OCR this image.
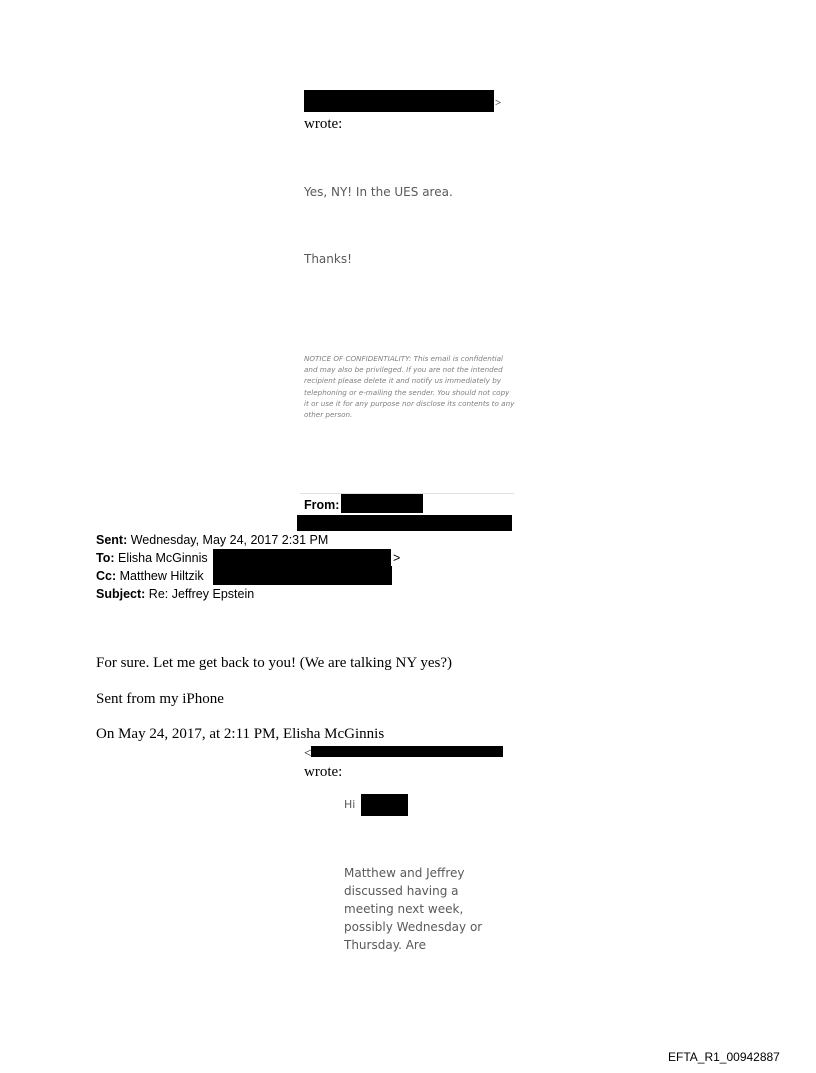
>
wrote:
Yes, NY! In the UES area.
Thanks!
NOTICE OF CONFIDENTIALITY: This email is confidential and may also be privileged. If you are not the intended recipient please delete it and notify us immediately by telephoning or e-mailing the sender. You should not copy it or use it for any purpose nor disclose its contents to any other person.
From:
Sent: Wednesday, May 24, 2017 2:31 PM
To: Elisha McGinnis	>
Cc: Matthew Hiltzik
Subject: Re: Jeffrey Epstein
For sure. Let me get back to you! (We are talking NY yes?)
Sent from my iPhone
On May 24, 2017, at 2:11 PM, Elisha McGinnis
<
wrote:
Hi
Matthew and Jeffrey discussed having a meeting next week, possibly Wednesday or Thursday. Are
EFTA_R1_00942887
